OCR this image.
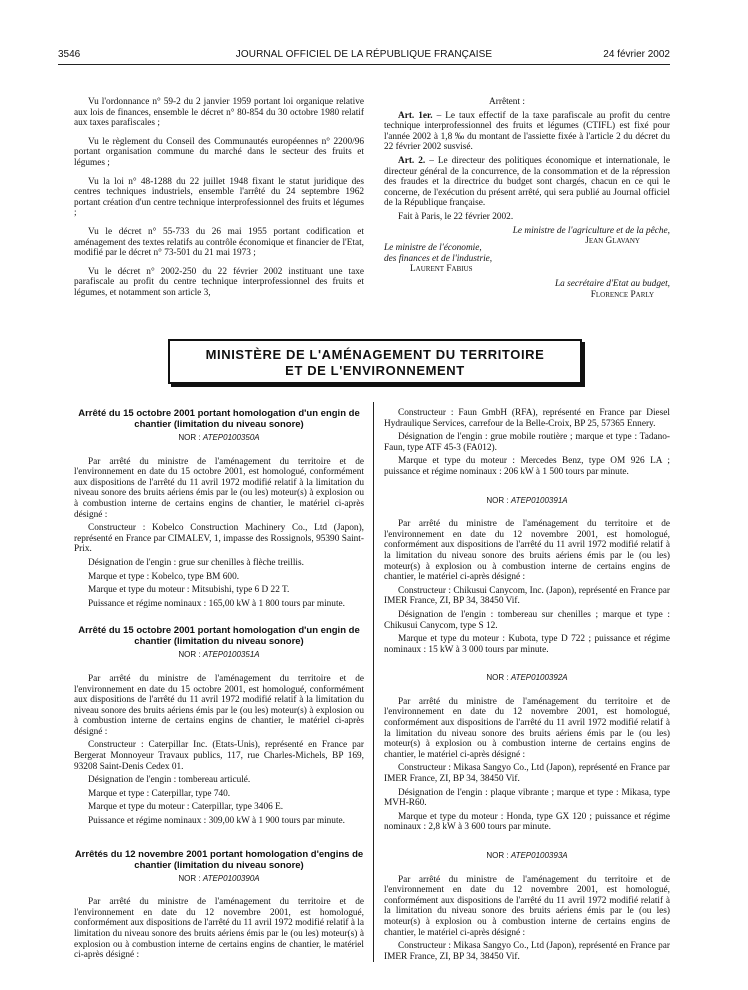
3546	JOURNAL OFFICIEL DE LA RÉPUBLIQUE FRANÇAISE	24 février 2002

Vu l'ordonnance n° 59-2 du 2 janvier 1959 portant loi organique relative aux lois de finances, ensemble le décret n° 80-854 du 30 octobre 1980 relatif aux taxes parafiscales ;

Vu le règlement du Conseil des Communautés européennes n° 2200/96 portant organisation commune du marché dans le secteur des fruits et légumes ;

Vu la loi n° 48-1288 du 22 juillet 1948 fixant le statut juridique des centres techniques industriels, ensemble l'arrêté du 24 septembre 1962 portant création d'un centre technique interprofessionnel des fruits et légumes ;

Vu le décret n° 55-733 du 26 mai 1955 portant codification et aménagement des textes relatifs au contrôle économique et financier de l'Etat, modifié par le décret n° 73-501 du 21 mai 1973 ;

Vu le décret n° 2002-250 du 22 février 2002 instituant une taxe parafiscale au profit du centre technique interprofessionnel des fruits et légumes, et notamment son article 3,

Arrêtent :

Art. 1er. – Le taux effectif de la taxe parafiscale au profit du centre technique interprofessionnel des fruits et légumes (CTIFL) est fixé pour l'année 2002 à 1,8 ‰ du montant de l'assiette fixée à l'article 2 du décret du 22 février 2002 susvisé.

Art. 2. – Le directeur des politiques économique et internationale, le directeur général de la concurrence, de la consommation et de la répression des fraudes et la directrice du budget sont chargés, chacun en ce qui le concerne, de l'exécution du présent arrêté, qui sera publié au Journal officiel de la République française.

Fait à Paris, le 22 février 2002.

Le ministre de l'agriculture et de la pêche,
Jean Glavany
Le ministre de l'économie,
des finances et de l'industrie,
Laurent Fabius
La secrétaire d'Etat au budget,
Florence Parly
MINISTÈRE DE L'AMÉNAGEMENT DU TERRITOIRE
ET DE L'ENVIRONNEMENT
Arrêté du 15 octobre 2001 portant homologation d'un engin de chantier (limitation du niveau sonore)
NOR : ATEP0100350A

Par arrêté du ministre de l'aménagement du territoire et de l'environnement en date du 15 octobre 2001, est homologué, conformément aux dispositions de l'arrêté du 11 avril 1972 modifié relatif à la limitation du niveau sonore des bruits aériens émis par le (ou les) moteur(s) à explosion ou à combustion interne de certains engins de chantier, le matériel ci-après désigné :

Constructeur : Kobelco Construction Machinery Co., Ltd (Japon), représenté en France par CIMALEV, 1, impasse des Rossignols, 95390 Saint-Prix.

Désignation de l'engin : grue sur chenilles à flèche treillis.

Marque et type : Kobelco, type BM 600.

Marque et type du moteur : Mitsubishi, type 6 D 22 T.

Puissance et régime nominaux : 165,00 kW à 1 800 tours par minute.

Arrêté du 15 octobre 2001 portant homologation d'un engin de chantier (limitation du niveau sonore)
NOR : ATEP0100351A

Par arrêté du ministre de l'aménagement du territoire et de l'environnement en date du 15 octobre 2001, est homologué, conformément aux dispositions de l'arrêté du 11 avril 1972 modifié relatif à la limitation du niveau sonore des bruits aériens émis par le (ou les) moteur(s) à explosion ou à combustion interne de certains engins de chantier, le matériel ci-après désigné :

Constructeur : Caterpillar Inc. (Etats-Unis), représenté en France par Bergerat Monnoyeur Travaux publics, 117, rue Charles-Michels, BP 169, 93208 Saint-Denis Cedex 01.

Désignation de l'engin : tombereau articulé.

Marque et type : Caterpillar, type 740.

Marque et type du moteur : Caterpillar, type 3406 E.

Puissance et régime nominaux : 309,00 kW à 1 900 tours par minute.

Arrêtés du 12 novembre 2001 portant homologation d'engins de chantier (limitation du niveau sonore)
NOR : ATEP0100390A

Par arrêté du ministre de l'aménagement du territoire et de l'environnement en date du 12 novembre 2001, est homologué, conformément aux dispositions de l'arrêté du 11 avril 1972 modifié relatif à la limitation du niveau sonore des bruits aériens émis par le (ou les) moteur(s) à explosion ou à combustion interne de certains engins de chantier, le matériel ci-après désigné :

Constructeur : Faun GmbH (RFA), représenté en France par Diesel Hydraulique Services, carrefour de la Belle-Croix, BP 25, 57365 Ennery.

Désignation de l'engin : grue mobile routière ; marque et type : Tadano-Faun, type ATF 45-3 (FA012).

Marque et type du moteur : Mercedes Benz, type OM 926 LA ; puissance et régime nominaux : 206 kW à 1 500 tours par minute.

NOR : ATEP0100391A

Par arrêté du ministre de l'aménagement du territoire et de l'environnement en date du 12 novembre 2001, est homologué, conformément aux dispositions de l'arrêté du 11 avril 1972 modifié relatif à la limitation du niveau sonore des bruits aériens émis par le (ou les) moteur(s) à explosion ou à combustion interne de certains engins de chantier, le matériel ci-après désigné :

Constructeur : Chikusui Canycom, Inc. (Japon), représenté en France par IMER France, ZI, BP 34, 38450 Vif.

Désignation de l'engin : tombereau sur chenilles ; marque et type : Chikusui Canycom, type S 12.

Marque et type du moteur : Kubota, type D 722 ; puissance et régime nominaux : 15 kW à 3 000 tours par minute.

NOR : ATEP0100392A

Par arrêté du ministre de l'aménagement du territoire et de l'environnement en date du 12 novembre 2001, est homologué, conformément aux dispositions de l'arrêté du 11 avril 1972 modifié relatif à la limitation du niveau sonore des bruits aériens émis par le (ou les) moteur(s) à explosion ou à combustion interne de certains engins de chantier, le matériel ci-après désigné :

Constructeur : Mikasa Sangyo Co., Ltd (Japon), représenté en France par IMER France, ZI, BP 34, 38450 Vif.

Désignation de l'engin : plaque vibrante ; marque et type : Mikasa, type MVH-R60.

Marque et type du moteur : Honda, type GX 120 ; puissance et régime nominaux : 2,8 kW à 3 600 tours par minute.

NOR : ATEP0100393A

Par arrêté du ministre de l'aménagement du territoire et de l'environnement en date du 12 novembre 2001, est homologué, conformément aux dispositions de l'arrêté du 11 avril 1972 modifié relatif à la limitation du niveau sonore des bruits aériens émis par le (ou les) moteur(s) à explosion ou à combustion interne de certains engins de chantier, le matériel ci-après désigné :

Constructeur : Mikasa Sangyo Co., Ltd (Japon), représenté en France par IMER France, ZI, BP 34, 38450 Vif.
